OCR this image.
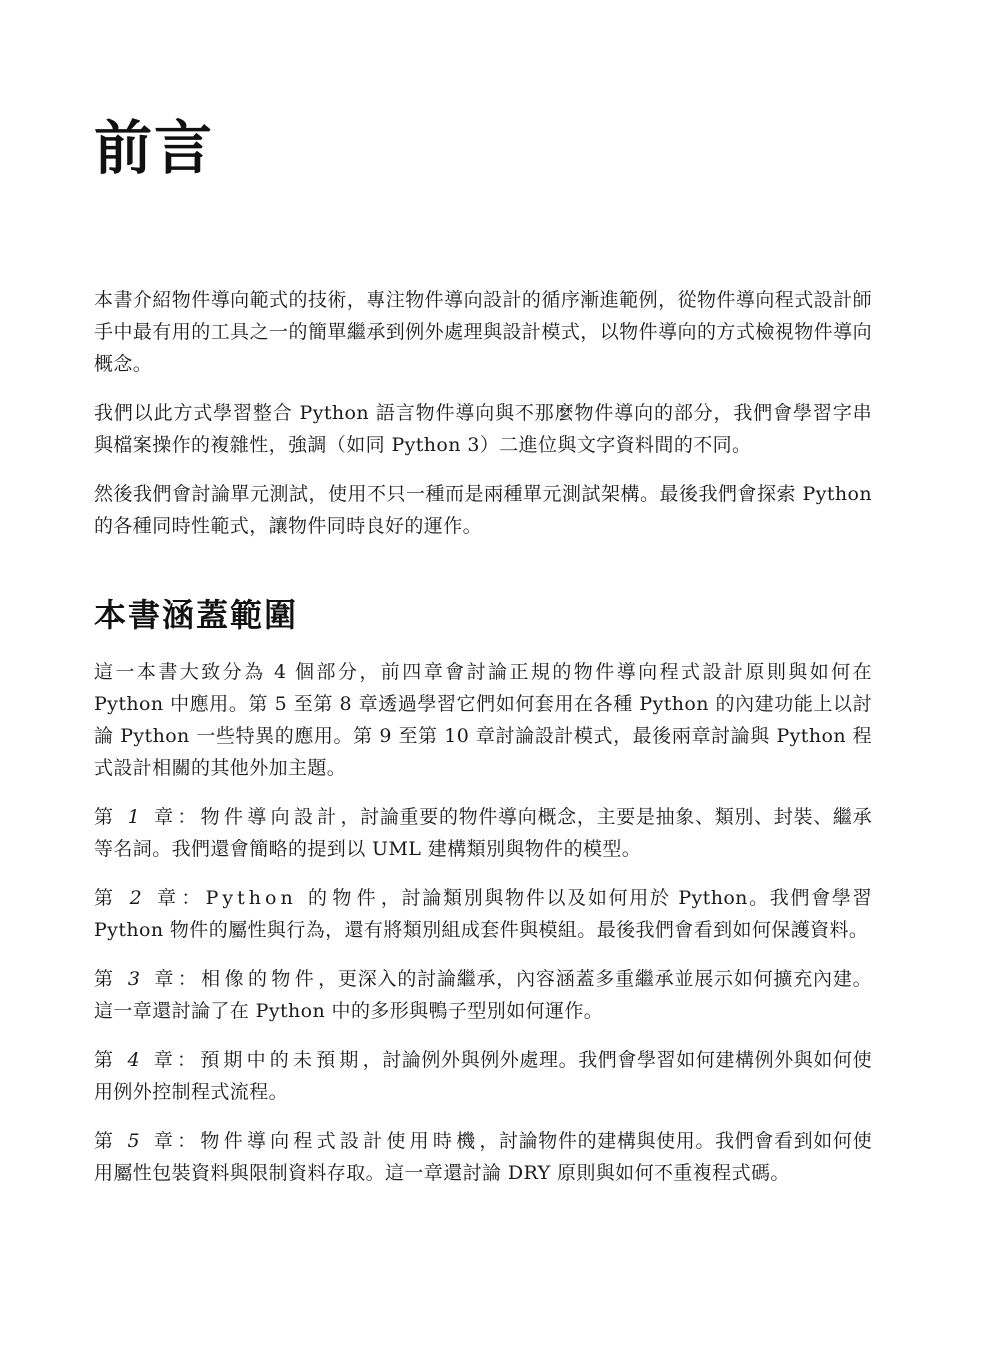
前言

本書介紹物件導向範式的技術，專注物件導向設計的循序漸進範例，從物件導向程式設計師手中最有用的工具之一的簡單繼承到例外處理與設計模式，以物件導向的方式檢視物件導向概念。

我們以此方式學習整合 Python 語言物件導向與不那麼物件導向的部分，我們會學習字串與檔案操作的複雜性，強調（如同 Python 3）二進位與文字資料間的不同。

然後我們會討論單元測試，使用不只一種而是兩種單元測試架構。最後我們會探索 Python 的各種同時性範式，讓物件同時良好的運作。

本書涵蓋範圍

這一本書大致分為 4 個部分，前四章會討論正規的物件導向程式設計原則與如何在 Python 中應用。第 5 至第 8 章透過學習它們如何套用在各種 Python 的內建功能上以討論 Python 一些特異的應用。第 9 至第 10 章討論設計模式，最後兩章討論與 Python 程式設計相關的其他外加主題。

第 1 章：物件導向設計，討論重要的物件導向概念，主要是抽象、類別、封裝、繼承等名詞。我們還會簡略的提到以 UML 建構類別與物件的模型。

第 2 章：Python 的物件，討論類別與物件以及如何用於 Python。我們會學習 Python 物件的屬性與行為，還有將類別組成套件與模組。最後我們會看到如何保護資料。

第 3 章：相像的物件，更深入的討論繼承，內容涵蓋多重繼承並展示如何擴充內建。這一章還討論了在 Python 中的多形與鴨子型別如何運作。

第 4 章：預期中的未預期，討論例外與例外處理。我們會學習如何建構例外與如何使用例外控制程式流程。

第 5 章：物件導向程式設計使用時機，討論物件的建構與使用。我們會看到如何使用屬性包裝資料與限制資料存取。這一章還討論 DRY 原則與如何不重複程式碼。
